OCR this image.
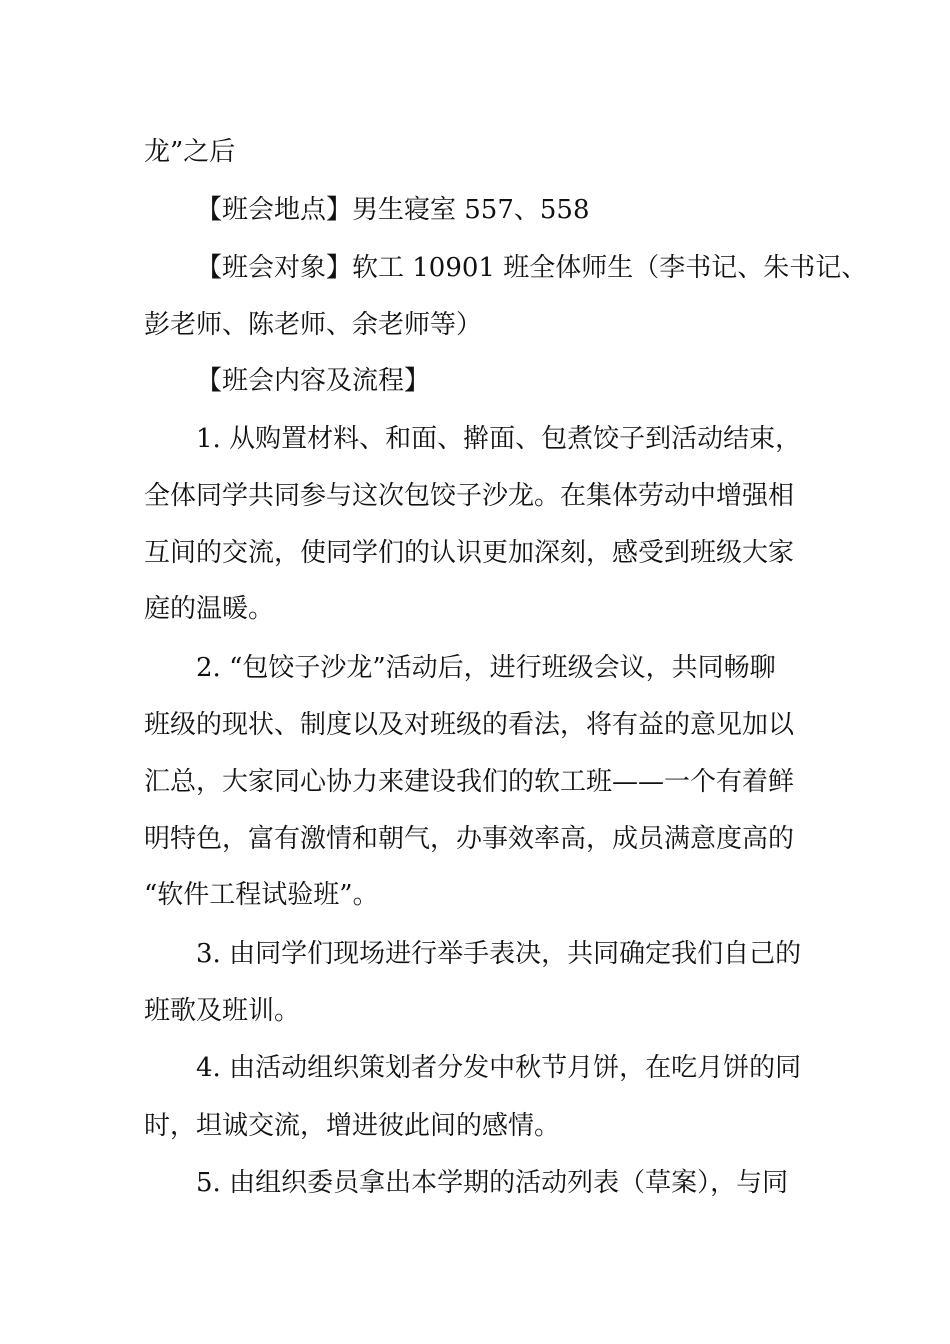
龙”之后
【班会地点】男生寝室 557、558
【班会对象】软工 10901 班全体师生（李书记、朱书记、
彭老师、陈老师、余老师等）
【班会内容及流程】
1. 从购置材料、和面、擀面、包煮饺子到活动结束，
全体同学共同参与这次包饺子沙龙。在集体劳动中增强相
互间的交流，使同学们的认识更加深刻，感受到班级大家
庭的温暖。
2. “包饺子沙龙”活动后，进行班级会议，共同畅聊
班级的现状、制度以及对班级的看法，将有益的意见加以
汇总，大家同心协力来建设我们的软工班——一个有着鲜
明特色，富有激情和朝气，办事效率高，成员满意度高的
“软件工程试验班”。
3. 由同学们现场进行举手表决，共同确定我们自己的
班歌及班训。
4. 由活动组织策划者分发中秋节月饼，在吃月饼的同
时，坦诚交流，增进彼此间的感情。
5. 由组织委员拿出本学期的活动列表（草案），与同
